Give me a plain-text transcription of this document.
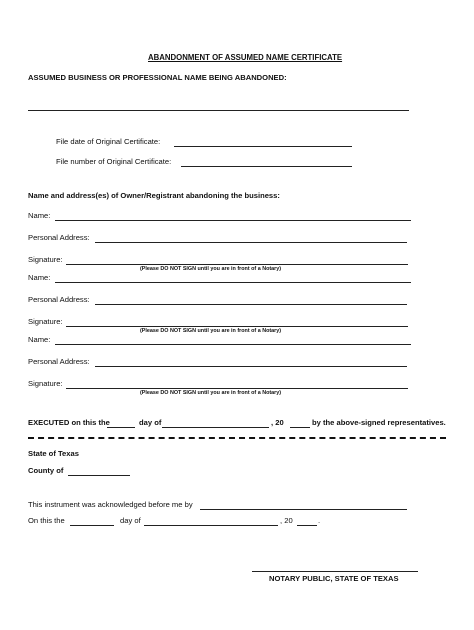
ABANDONMENT OF ASSUMED NAME CERTIFICATE
ASSUMED BUSINESS OR PROFESSIONAL NAME BEING ABANDONED:
File date of Original Certificate:
File number of Original Certificate:
Name and address(es) of Owner/Registrant abandoning the business:
Name:
Personal Address:
Signature:
(Please DO NOT SIGN until you are in front of a Notary)
Name:
Personal Address:
Signature:
(Please DO NOT SIGN until you are in front of a Notary)
Name:
Personal Address:
Signature:
(Please DO NOT SIGN until you are in front of a Notary)
EXECUTED on this the	day of	, 20	by the above-signed representatives.
State of Texas
County of
This instrument was acknowledged before me by
On this the	day of	, 20	.
NOTARY PUBLIC, STATE OF TEXAS
